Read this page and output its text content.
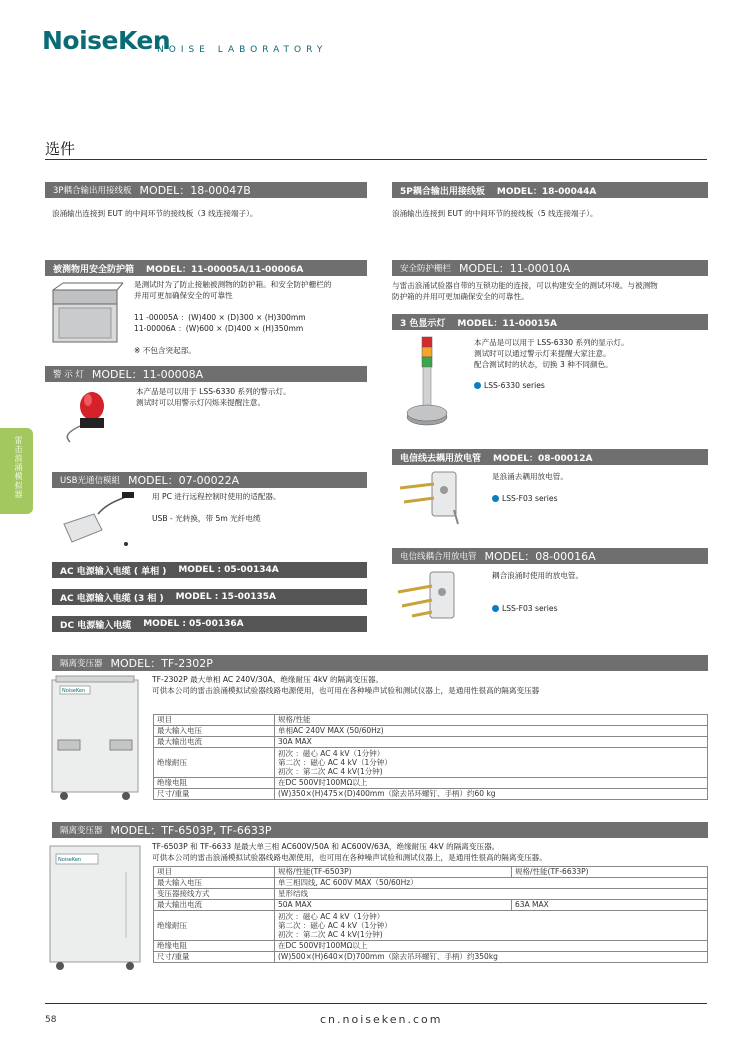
NoiseKen
NOISE LABORATORY
选件
雷击浪涌模拟器
3P耦合输出用接线板 MODEL：18-00047B
浪涌输出连接到 EUT 的中间环节的接线板（3 线连接端子）。
5P耦合输出用接线板 MODEL：18-00044A
浪涌输出连接到 EUT 的中间环节的接线板（5 线连接端子）。
被测物用安全防护箱 MODEL：11-00005A/11-00006A
是测试时为了防止接触被测物的防护箱。和安全防护栅栏的
并用可更加确保安全的可靠性
11 -00005A ：(W)400 × (D)300 × (H)300mm
11-00006A ：(W)600 × (D)400 × (H)350mm
※ 不包含突起部。
安全防护栅栏 MODEL：11-00010A
与雷击浪涌试验器自带的互锁功能的连接，可以构建安全的测试环境。与被测物
防护箱的并用可更加确保安全的可靠性。
3 色显示灯 MODEL：11-00015A
本产品是可以用于 LSS-6330 系列的显示灯。
测试时可以通过警示灯来提醒大家注意。
配合测试时的状态，切换 3 种不同颜色。
LSS-6330 series
警 示 灯 MODEL：11-00008A
本产品是可以用于 LSS-6330 系列的警示灯。
测试时可以用警示灯闪烁来提醒注意。
电信线去耦用放电管 MODEL：08-00012A
是浪涌去耦用放电管。
LSS-F03 series
USB光通信模組 MODEL：07-00022A
用 PC 进行远程控制时使用的适配器。
USB - 光转换，带 5m 光纤电缆
电信线耦合用放电管 MODEL：08-00016A
耦合浪涌时使用的放电管。
LSS-F03 series
AC 电源输入电缆 ( 单相 ) MODEL : 05-00134A
AC 电源输入电缆 (3 相 ) MODEL : 15-00135A
DC 电源输入电缆 MODEL : 05-00136A
隔离变压器 MODEL：TF-2302P
NoiseKen
TF-2302P 最大单相 AC 240V/30A、绝缘耐压 4kV 的隔离变压器。
可供本公司的雷击浪涌模拟试验器线路电源使用，也可用在各种噪声试验和测试仪器上，是通用性很高的隔离变压器
项目	规格/性能
最大输入电压	单相AC 240V MAX (50/60Hz)
最大输出电流	30A MAX
绝缘耐压	初次 ：磁心 AC 4 kV（1分钟）
第二次 ：磁心 AC 4 kV（1分钟）
初次 ：第二次 AC 4 kV(1分钟)

绝缘电阻	在DC 500V时100MΩ以上
尺寸/重量	(W)350×(H)475×(D)400mm（除去吊环螺钉、手柄）约60 kg
隔离变压器 MODEL：TF-6503P, TF-6633P
NoiseKen
TF-6503P 和 TF-6633 是最大单三相 AC600V/50A 和 AC600V/63A，绝缘耐压 4kV 的隔离变压器。
可供本公司的雷击浪涌模拟试验器线路电源使用，也可用在各种噪声试验和测试仪器上，是通用性很高的隔离变压器。
项目	规格/性能(TF-6503P)	规格/性能(TF-6633P)
最大输入电压	单三相四线, AC 600V MAX（50/60Hz）	
变压器接线方式	星形结线	
最大输出电流	50A MAX	63A MAX
绝缘耐压	初次 ：磁心 AC 4 kV（1分钟）
第二次 ：磁心 AC 4 kV（1分钟）
初次 ：第二次 AC 4 kV(1分钟)	

绝缘电阻	在DC 500V时100MΩ以上	
尺寸/重量	(W)500×(H)640×(D)700mm（除去吊环螺钉、手柄）约350kg	
58	cn.noiseken.com
